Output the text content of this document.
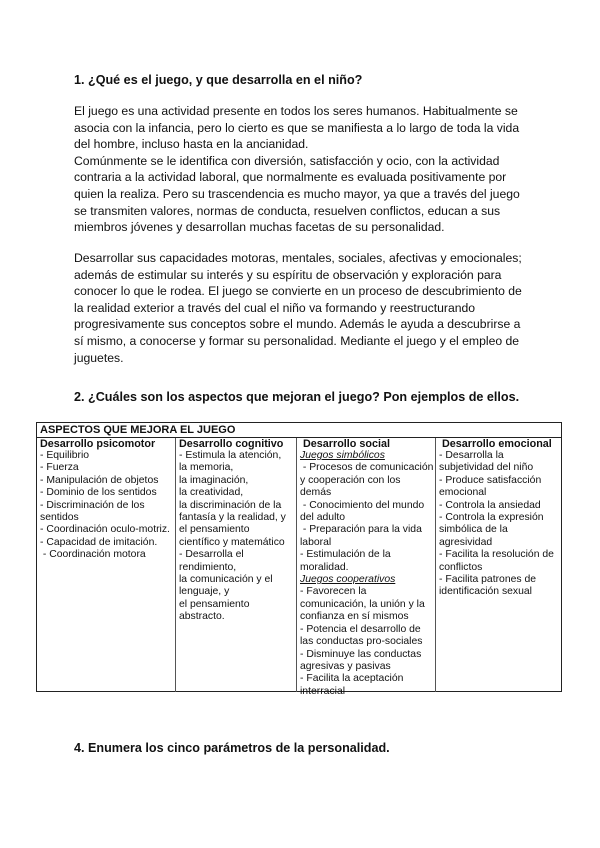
1. ¿Qué es el juego, y que desarrolla en el niño?

El juego es una actividad presente en todos los seres humanos. Habitualmente se
asocia con la infancia, pero lo cierto es que se manifiesta a lo largo de toda la vida
del hombre, incluso hasta en la ancianidad.
Comúnmente se le identifica con diversión, satisfacción y ocio, con la actividad
contraria a la actividad laboral, que normalmente es evaluada positivamente por
quien la realiza. Pero su trascendencia es mucho mayor, ya que a través del juego
se transmiten valores, normas de conducta, resuelven conflictos, educan a sus
miembros jóvenes y desarrollan muchas facetas de su personalidad.

Desarrollar sus capacidades motoras, mentales, sociales, afectivas y emocionales;
además de estimular su interés y su espíritu de observación y exploración para
conocer lo que le rodea. El juego se convierte en un proceso de descubrimiento de
la realidad exterior a través del cual el niño va formando y reestructurando
progresivamente sus conceptos sobre el mundo. Además le ayuda a descubrirse a
sí mismo, a conocerse y formar su personalidad. Mediante el juego y el empleo de
juguetes.

2. ¿Cuáles son los aspectos que mejoran el juego? Pon ejemplos de ellos.
ASPECTOS QUE MEJORA EL JUEGO
Desarrollo psicomotor
- Equilibrio
- Fuerza
- Manipulación de objetos
- Dominio de los sentidos
- Discriminación de los
sentidos
- Coordinación oculo-motriz.
- Capacidad de imitación.
- Coordinación motora
Desarrollo cognitivo
- Estimula la atención,
la memoria,
la imaginación,
la creatividad,
la discriminación de la
fantasía y la realidad, y
el pensamiento
científico y matemático
- Desarrolla el
rendimiento,
la comunicación y el
lenguaje, y
el pensamiento
abstracto.
Desarrollo social
Juegos simbólicos
- Procesos de comunicación
y cooperación con los
demás
- Conocimiento del mundo
del adulto
- Preparación para la vida
laboral
- Estimulación de la
moralidad.
Juegos cooperativos
- Favorecen la
comunicación, la unión y la
confianza en sí mismos
- Potencia el desarrollo de
las conductas pro-sociales
- Disminuye las conductas
agresivas y pasivas
- Facilita la aceptación
interracial
Desarrollo emocional
- Desarrolla la
subjetividad del niño
- Produce satisfacción
emocional
- Controla la ansiedad
- Controla la expresión
simbólica de la
agresividad
- Facilita la resolución de
conflictos
- Facilita patrones de
identificación sexual
4. Enumera los cinco parámetros de la personalidad.
